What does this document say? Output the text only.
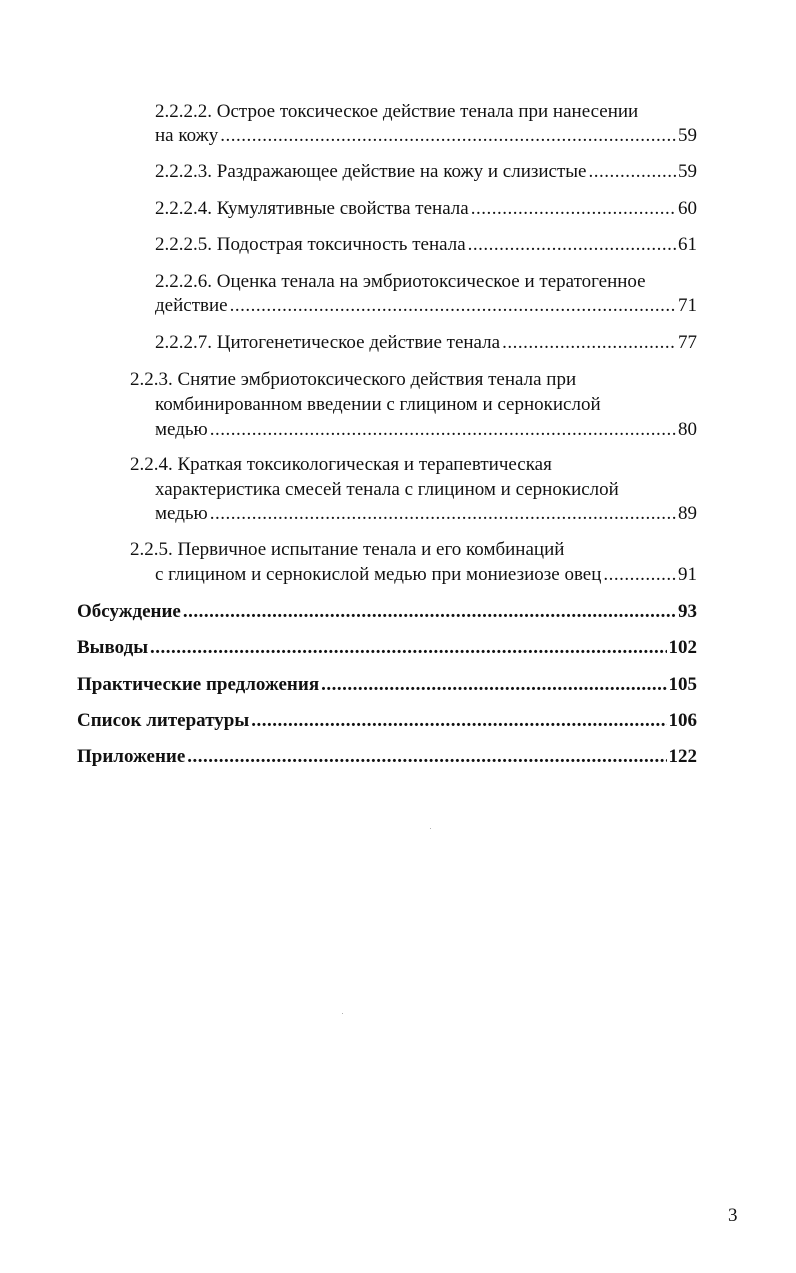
2.2.2.2. Острое токсическое действие тенала при нанесении
на кожу .....	59
2.2.2.3. Раздражающее действие на кожу и слизистые .....	59
2.2.2.4. Кумулятивные свойства тенала .....	60
2.2.2.5. Подострая токсичность тенала .....	61
2.2.2.6. Оценка тенала на эмбриотоксическое и тератогенное
действие .....	71
2.2.2.7. Цитогенетическое действие тенала .....	77
2.2.3. Снятие эмбриотоксического действия тенала при
комбинированном введении с глицином и сернокислой
медью .....	80
2.2.4. Краткая токсикологическая и терапевтическая
характеристика смесей тенала с глицином и сернокислой
медью .....	89
2.2.5. Первичное испытание тенала и его комбинаций
с глицином и сернокислой медью при мониезиозе овец .....	91
Обсуждение .....	93
Выводы .....	102
Практические предложения .....	105
Список литературы .....	106
Приложение .....	122
3
